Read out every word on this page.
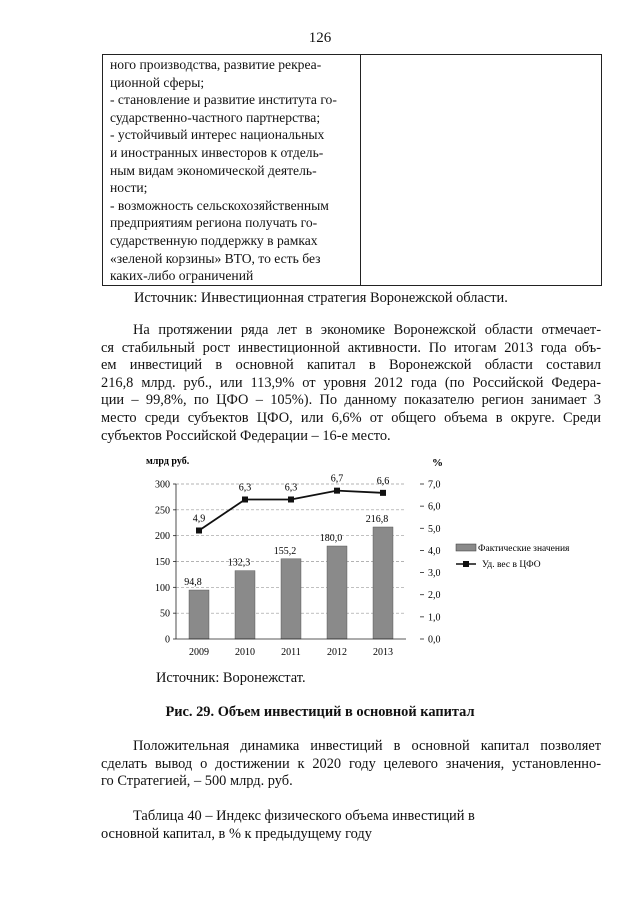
126
ного производства, развитие рекреа-
ционной сферы;
- становление и развитие института го-
сударственно-частного партнерства;
- устойчивый интерес национальных
и иностранных инвесторов к отдель-
ным видам экономической деятель-
ности;
- возможность сельскохозяйственным
предприятиям региона получать го-
сударственную поддержку в рамках
«зеленой корзины» ВТО, то есть без
каких-либо ограничений
Источник: Инвестиционная стратегия Воронежской области.
На протяжении ряда лет в экономике Воронежской области отмечает-
ся стабильный рост инвестиционной активности. По итогам 2013 года объ-
ем инвестиций в основной капитал в Воронежской области составил
216,8 млрд. руб., или 113,9% от уровня 2012 года (по Российской Федера-
ции – 99,8%, по ЦФО – 105%). По данному показателю регион занимает 3
место среди субъектов ЦФО, или 6,6% от общего объема в округе. Среди
субъектов Российской Федерации – 16-е место.
млрд руб.	%
0
50
100
150
200
250
300
0,0
1,0
2,0
3,0
4,0
5,0
6,0
7,0
2009	2010	2011	2012	2013
94,8
132,3
155,2
180,0
216,8
4,9
6,3	6,3
6,7	6,6
Фактические значения
Уд. вес в ЦФО
Источник: Воронежстат.
Рис. 29. Объем инвестиций в основной капитал
Положительная динамика инвестиций в основной капитал позволяет
сделать вывод о достижении к 2020 году целевого значения, установленно-
го Стратегией, – 500 млрд. руб.
Таблица 40 – Индекс физического объема инвестиций в
основной капитал, в % к предыдущему году
